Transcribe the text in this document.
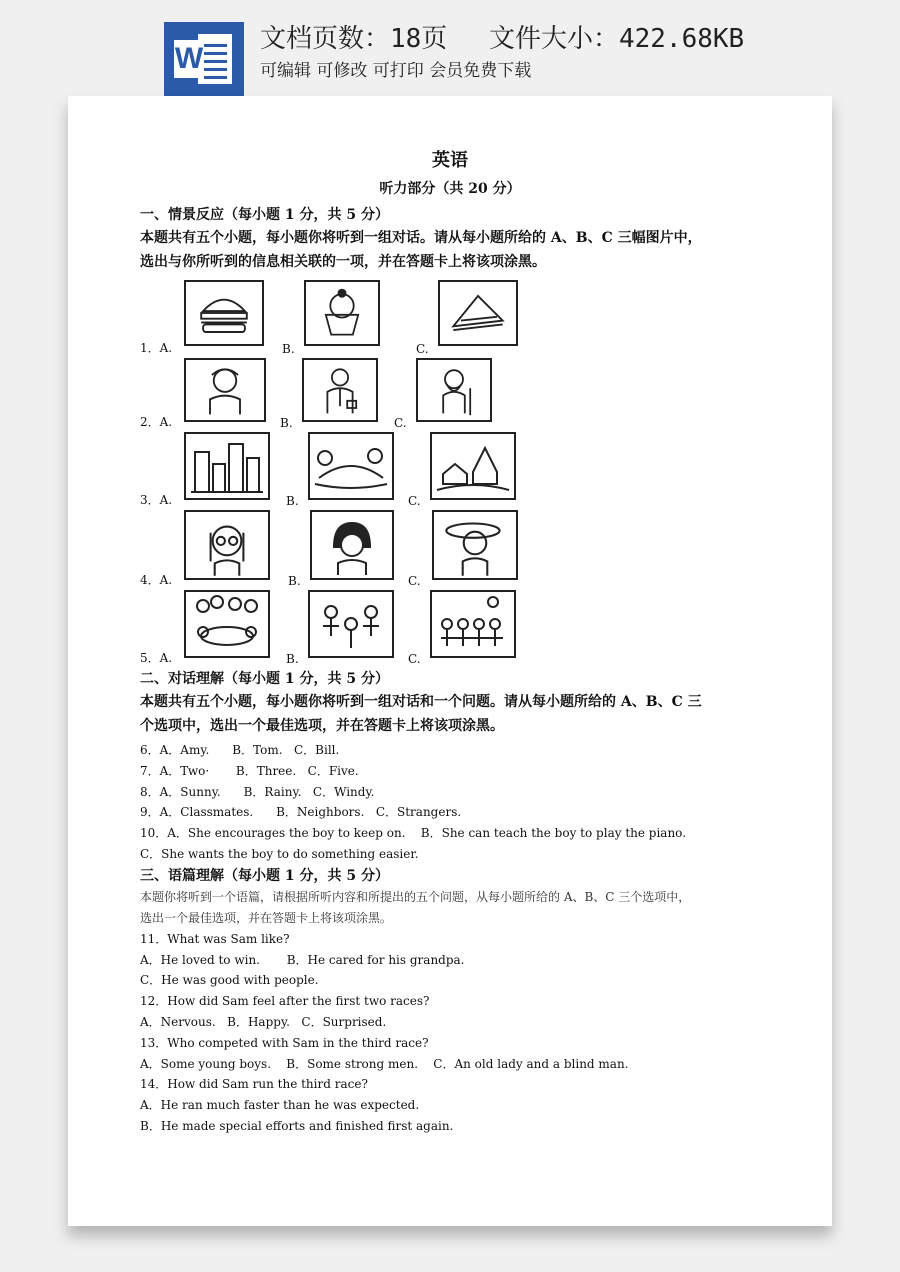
W
文档页数：18页　 文件大小：422.68KB
可编辑 可修改 可打印 会员免费下载
英语
听力部分（共 20 分）
一、情景反应（每小题 1 分，共 5 分）
本题共有五个小题，每小题你将听到一组对话。请从每小题所给的 A、B、C 三幅图片中，
选出与你所听到的信息相关联的一项，并在答题卡上将该项涂黑。
1．A.	B.	C.
2．A.	B.	C.
3．A.	B.	C.
4．A.	B.	C.
5．A.	B.	C.
二、对话理解（每小题 1 分，共 5 分）
本题共有五个小题，每小题你将听到一组对话和一个问题。请从每小题所给的 A、B、C 三
个选项中，选出一个最佳选项，并在答题卡上将该项涂黑。
6．A．Amy.      B．Tom.   C．Bill.
7．A．Two·       B．Three.   C．Five.
8．A．Sunny.      B．Rainy.   C．Windy.
9．A．Classmates.      B．Neighbors.   C．Strangers.
10．A．She encourages the boy to keep on.    B．She can teach the boy to play the piano.
C．She wants the boy to do something easier.
三、语篇理解（每小题 1 分，共 5 分）
本题你将听到一个语篇，请根据所听内容和所提出的五个问题，从每小题所给的 A、B、C 三个选项中，
选出一个最佳选项，并在答题卡上将该项涂黑。
11．What was Sam like?
A．He loved to win.       B．He cared for his grandpa.
C．He was good with people.
12．How did Sam feel after the first two races?
A．Nervous.   B．Happy.   C．Surprised.
13．Who competed with Sam in the third race?
A．Some young boys.    B．Some strong men.    C．An old lady and a blind man.
14．How did Sam run the third race?
A．He ran much faster than he was expected.
B．He made special efforts and finished first again.
